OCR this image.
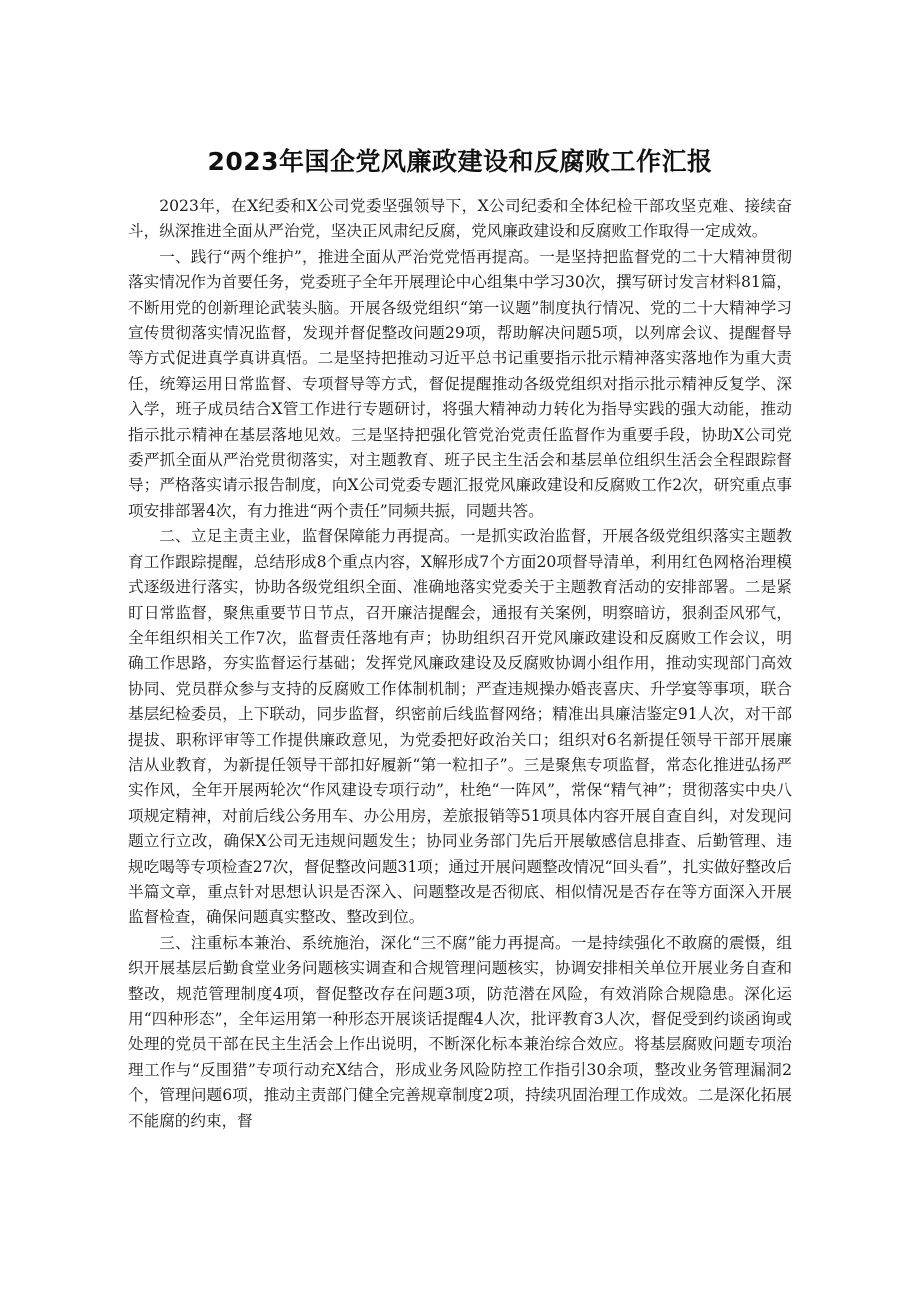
2023年国企党风廉政建设和反腐败工作汇报

2023年，在X纪委和X公司党委坚强领导下，X公司纪委和全体纪检干部攻坚克难、接续奋斗，纵深推进全面从严治党，坚决正风肃纪反腐，党风廉政建设和反腐败工作取得一定成效。

一、践行“两个维护”，推进全面从严治党党悟再提高。一是坚持把监督党的二十大精神贯彻落实情况作为首要任务，党委班子全年开展理论中心组集中学习30次，撰写研讨发言材料81篇，不断用党的创新理论武装头脑。开展各级党组织“第一议题”制度执行情况、党的二十大精神学习宣传贯彻落实情况监督，发现并督促整改问题29项，帮助解决问题5项，以列席会议、提醒督导等方式促进真学真讲真悟。二是坚持把推动习近平总书记重要指示批示精神落实落地作为重大责任，统筹运用日常监督、专项督导等方式，督促提醒推动各级党组织对指示批示精神反复学、深入学，班子成员结合X管工作进行专题研讨，将强大精神动力转化为指导实践的强大动能，推动指示批示精神在基层落地见效。三是坚持把强化管党治党责任监督作为重要手段，协助X公司党委严抓全面从严治党贯彻落实，对主题教育、班子民主生活会和基层单位组织生活会全程跟踪督导；严格落实请示报告制度，向X公司党委专题汇报党风廉政建设和反腐败工作2次，研究重点事项安排部署4次，有力推进“两个责任”同频共振，同题共答。

二、立足主责主业，监督保障能力再提高。一是抓实政治监督，开展各级党组织落实主题教育工作跟踪提醒，总结形成8个重点内容，X解形成7个方面20项督导清单，利用红色网格治理模式逐级进行落实，协助各级党组织全面、准确地落实党委关于主题教育活动的安排部署。二是紧盯日常监督，聚焦重要节日节点，召开廉洁提醒会，通报有关案例，明察暗访，狠刹歪风邪气，全年组织相关工作7次，监督责任落地有声；协助组织召开党风廉政建设和反腐败工作会议，明确工作思路，夯实监督运行基础；发挥党风廉政建设及反腐败协调小组作用，推动实现部门高效协同、党员群众参与支持的反腐败工作体制机制；严查违规操办婚丧喜庆、升学宴等事项，联合基层纪检委员，上下联动，同步监督，织密前后线监督网络；精准出具廉洁鉴定91人次，对干部提拔、职称评审等工作提供廉政意见，为党委把好政治关口；组织对6名新提任领导干部开展廉洁从业教育，为新提任领导干部扣好履新“第一粒扣子”。三是聚焦专项监督，常态化推进弘扬严实作风，全年开展两轮次“作风建设专项行动”，杜绝“一阵风”，常保“精气神”；贯彻落实中央八项规定精神，对前后线公务用车、办公用房，差旅报销等51项具体内容开展自查自纠，对发现问题立行立改，确保X公司无违规问题发生；协同业务部门先后开展敏感信息排查、后勤管理、违规吃喝等专项检查27次，督促整改问题31项；通过开展问题整改情况“回头看”，扎实做好整改后半篇文章，重点针对思想认识是否深入、问题整改是否彻底、相似情况是否存在等方面深入开展监督检查，确保问题真实整改、整改到位。

三、注重标本兼治、系统施治，深化“三不腐”能力再提高。一是持续强化不敢腐的震慑，组织开展基层后勤食堂业务问题核实调查和合规管理问题核实，协调安排相关单位开展业务自查和整改，规范管理制度4项，督促整改存在问题3项，防范潜在风险，有效消除合规隐患。深化运用“四种形态”，全年运用第一种形态开展谈话提醒4人次，批评教育3人次，督促受到约谈函询或处理的党员干部在民主生活会上作出说明，不断深化标本兼治综合效应。将基层腐败问题专项治理工作与“反围猎”专项行动充X结合，形成业务风险防控工作指引30余项，整改业务管理漏洞2个，管理问题6项，推动主责部门健全完善规章制度2项，持续巩固治理工作成效。二是深化拓展不能腐的约束，督
